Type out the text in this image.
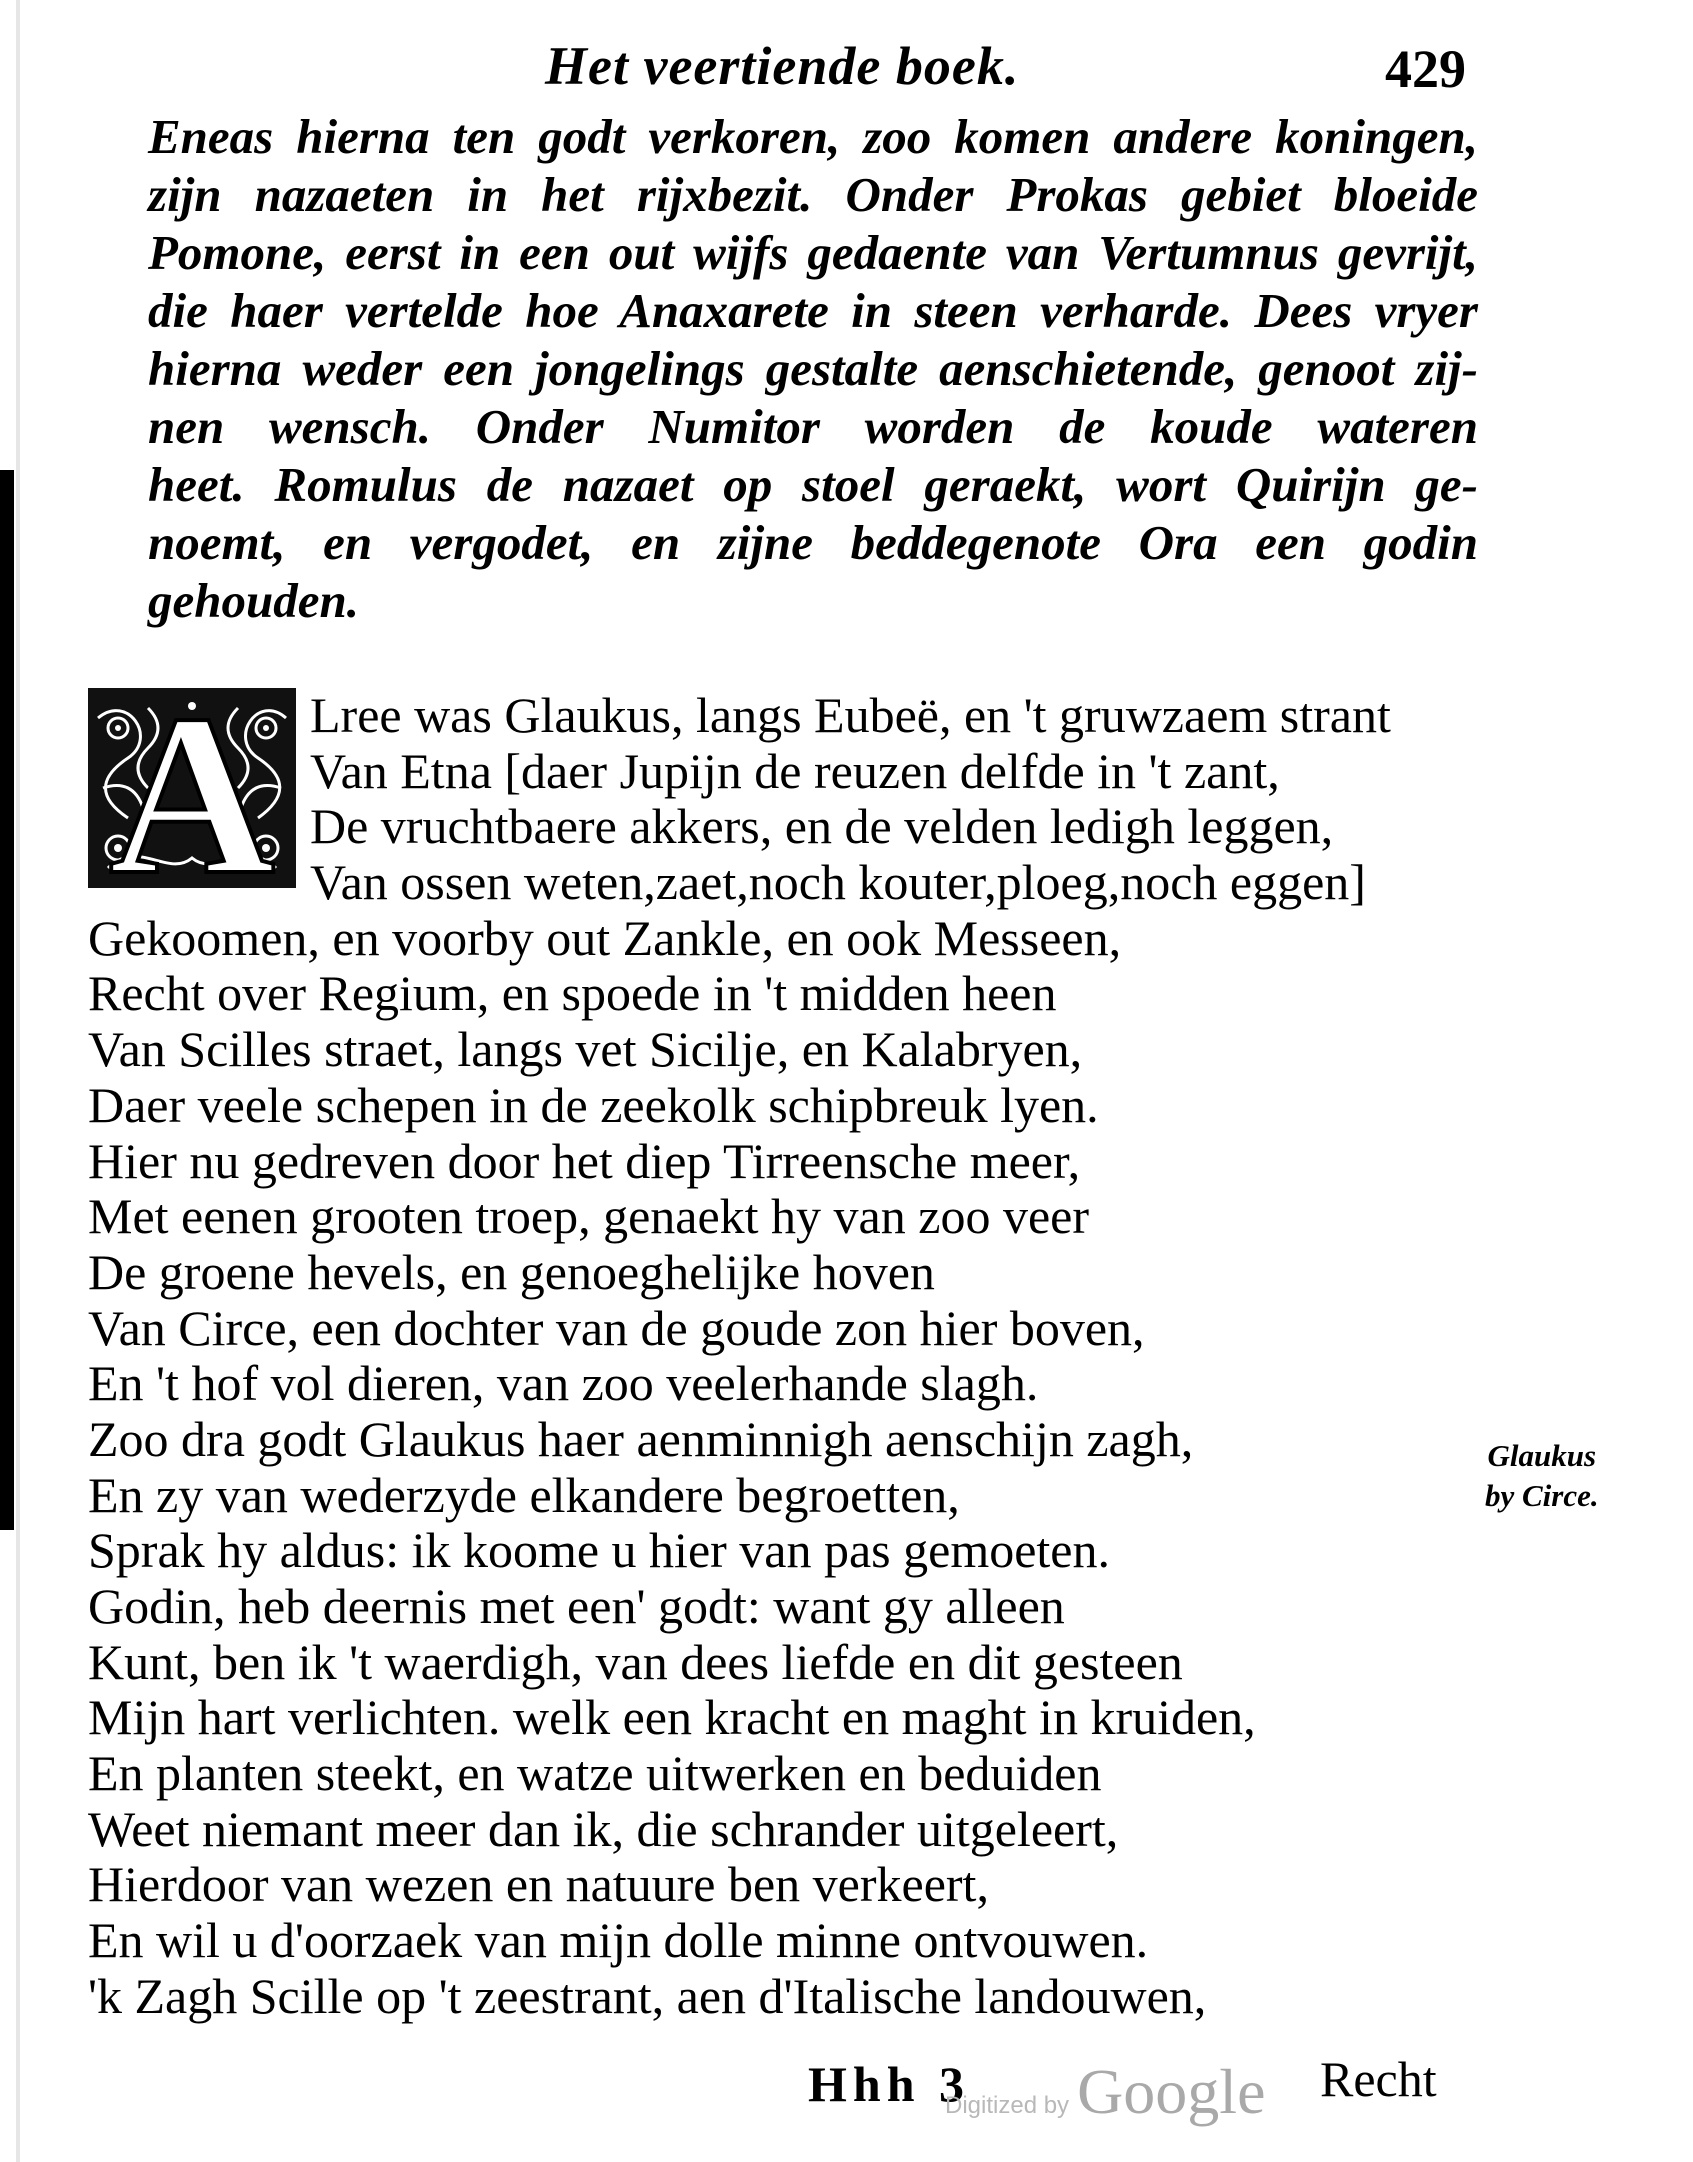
Het veertiende boek.	429
Eneas hierna ten godt verkoren, zoo komen andere koningen,
zijn nazaeten in het rijxbezit. Onder Prokas gebiet bloeide
Pomone, eerst in een out wijfs gedaente van Vertumnus gevrijt,
die haer vertelde hoe Anaxarete in steen verharde. Dees vryer
hierna weder een jongelings gestalte aenschietende, genoot zij-
nen wensch. Onder Numitor worden de koude wateren
heet. Romulus de nazaet op stoel geraekt, wort Quirijn ge-
noemt, en vergodet, en zijne beddegenote Ora een godin
gehouden.
A Lree was Glaukus, langs Eubeë, en 't gruwzaem strant
Van Etna [daer Jupijn de reuzen delfde in 't zant,
De vruchtbaere akkers, en de velden ledigh leggen,
Van ossen weten,zaet,noch kouter,ploeg,noch eggen]
Gekoomen, en voorby out Zankle, en ook Messeen,
Recht over Regium, en spoede in 't midden heen
Van Scilles straet, langs vet Sicilje, en Kalabryen,
Daer veele schepen in de zeekolk schipbreuk lyen.
Hier nu gedreven door het diep Tirreensche meer,
Met eenen grooten troep, genaekt hy van zoo veer
De groene hevels, en genoeghelijke hoven
Van Circe, een dochter van de goude zon hier boven,
En 't hof vol dieren, van zoo veelerhande slagh.
Zoo dra godt Glaukus haer aenminnigh aenschijn zagh,
En zy van wederzyde elkandere begroetten,
Sprak hy aldus: ik koome u hier van pas gemoeten.
Godin, heb deernis met een' godt: want gy alleen
Kunt, ben ik 't waerdigh, van dees liefde en dit gesteen
Mijn hart verlichten. welk een kracht en maght in kruiden,
En planten steekt, en watze uitwerken en beduiden
Weet niemant meer dan ik, die schrander uitgeleert,
Hierdoor van wezen en natuure ben verkeert,
En wil u d'oorzaek van mijn dolle minne ontvouwen.
'k Zagh Scille op 't zeestrant, aen d'Italische landouwen,
Glaukus
by Circe.
Hhh 3
Digitized by Google Recht
